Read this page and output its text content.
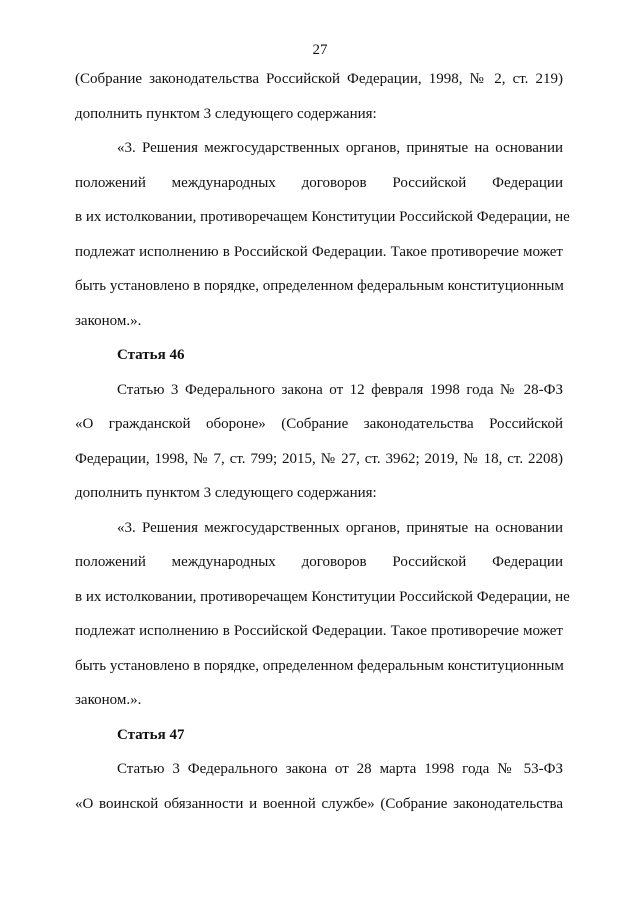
27
(Собрание законодательства Российской Федерации, 1998, № 2, ст. 219)
дополнить пунктом 3 следующего содержания:
«3. Решения межгосударственных органов, принятые на основании
положений международных договоров Российской Федерации
в их истолковании, противоречащем Конституции Российской Федерации, не
подлежат исполнению в Российской Федерации. Такое противоречие может
быть установлено в порядке, определенном федеральным конституционным
законом.».
Статья 46
Статью 3 Федерального закона от 12 февраля 1998 года № 28-ФЗ
«О гражданской обороне» (Собрание законодательства Российской
Федерации, 1998, № 7, ст. 799; 2015, № 27, ст. 3962; 2019, № 18, ст. 2208)
дополнить пунктом 3 следующего содержания:
«3. Решения межгосударственных органов, принятые на основании
положений международных договоров Российской Федерации
в их истолковании, противоречащем Конституции Российской Федерации, не
подлежат исполнению в Российской Федерации. Такое противоречие может
быть установлено в порядке, определенном федеральным конституционным
законом.».
Статья 47
Статью 3 Федерального закона от 28 марта 1998 года № 53-ФЗ
«О воинской обязанности и военной службе» (Собрание законодательства
